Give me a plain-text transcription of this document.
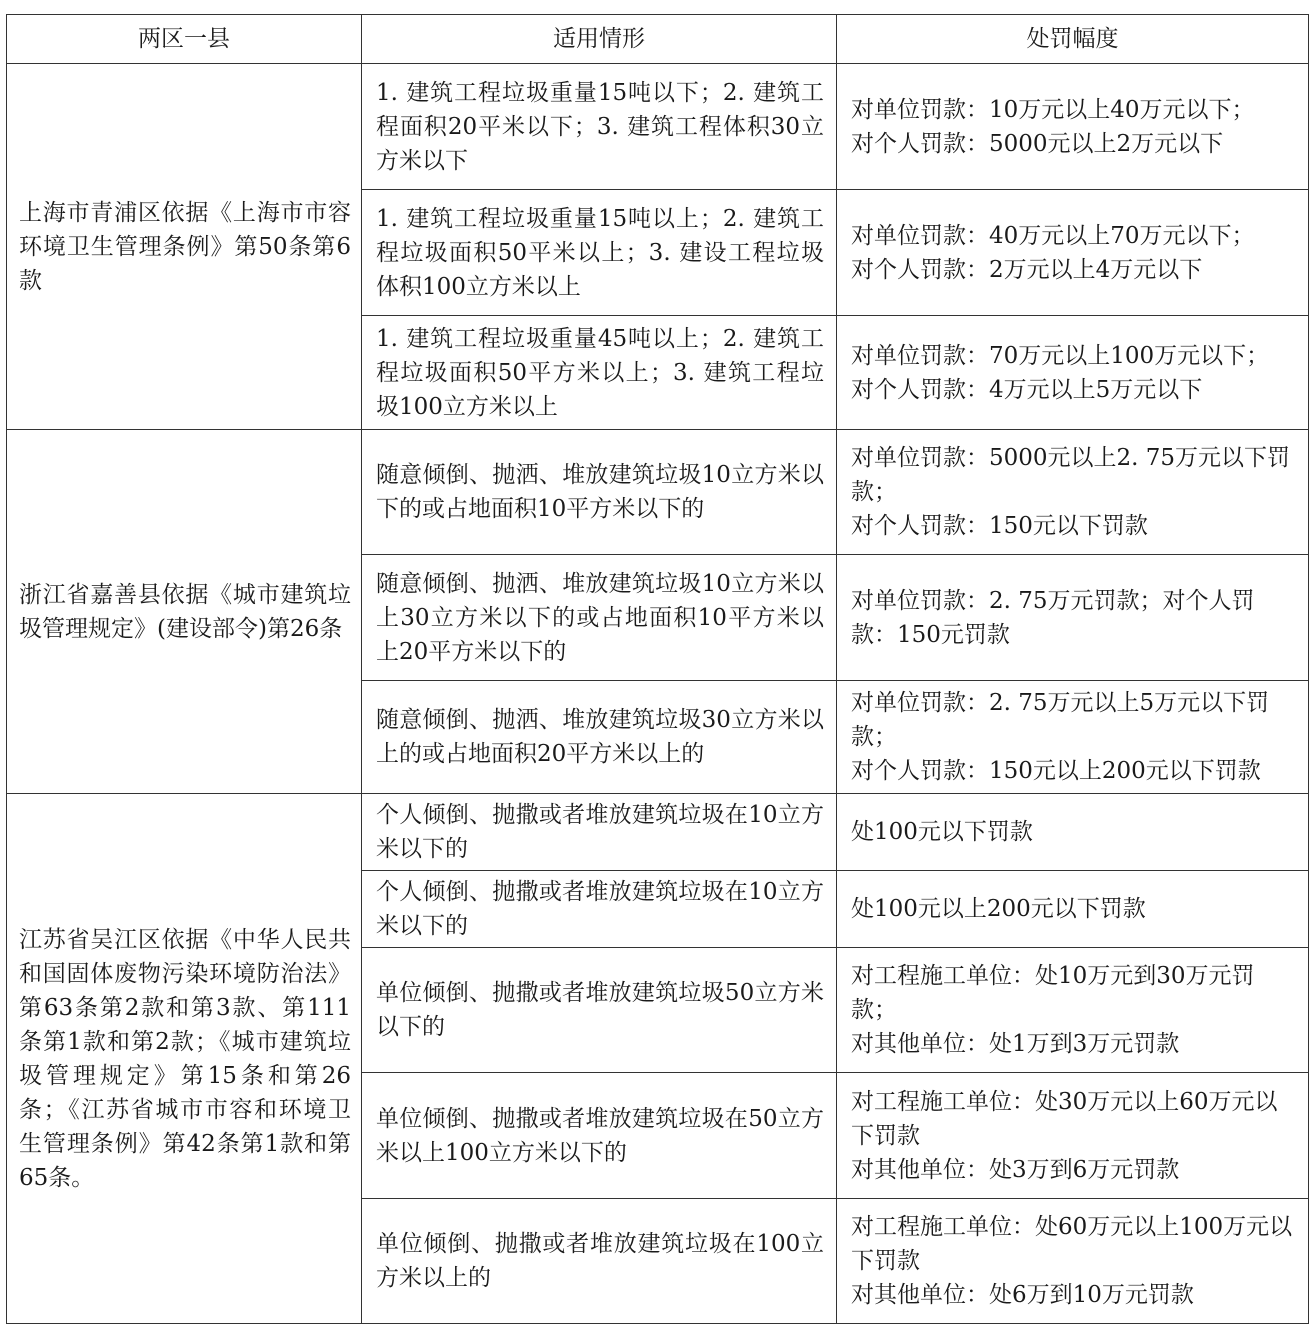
两区一县	适用情形	处罚幅度
上海市青浦区依据《上海市市容环境卫生管理条例》第50条第6款	1. 建筑工程垃圾重量15吨以下；2. 建筑工程面积20平米以下；3. 建筑工程体积30立方米以下	对单位罚款：10万元以上40万元以下；
对个人罚款：5000元以上2万元以下

	1. 建筑工程垃圾重量15吨以上；2. 建筑工程垃圾面积50平米以上；3. 建设工程垃圾体积100立方米以上	对单位罚款：40万元以上70万元以下；
对个人罚款：2万元以上4万元以下

	1. 建筑工程垃圾重量45吨以上；2. 建筑工程垃圾面积50平方米以上；3. 建筑工程垃圾100立方米以上	对单位罚款：70万元以上100万元以下；
对个人罚款：4万元以上5万元以下

浙江省嘉善县依据《城市建筑垃圾管理规定》(建设部令)第26条	随意倾倒、抛洒、堆放建筑垃圾10立方米以下的或占地面积10平方米以下的	对单位罚款：5000元以上2. 75万元以下罚款；
对个人罚款：150元以下罚款

	随意倾倒、抛洒、堆放建筑垃圾10立方米以上30立方米以下的或占地面积10平方米以上20平方米以下的	对单位罚款：2. 75万元罚款；对个人罚款：150元罚款

	随意倾倒、抛洒、堆放建筑垃圾30立方米以上的或占地面积20平方米以上的	对单位罚款：2. 75万元以上5万元以下罚款；
对个人罚款：150元以上200元以下罚款

江苏省吴江区依据《中华人民共和国固体废物污染环境防治法》第63条第2款和第3款、第111条第1款和第2款；《城市建筑垃圾管理规定》第15条和第26条；《江苏省城市市容和环境卫生管理条例》第42条第1款和第65条。	个人倾倒、抛撒或者堆放建筑垃圾在10立方米以下的	处100元以下罚款

	个人倾倒、抛撒或者堆放建筑垃圾在10立方米以下的	处100元以上200元以下罚款

	单位倾倒、抛撒或者堆放建筑垃圾50立方米以下的	对工程施工单位：处10万元到30万元罚款；
对其他单位：处1万到3万元罚款

	单位倾倒、抛撒或者堆放建筑垃圾在50立方米以上100立方米以下的	对工程施工单位：处30万元以上60万元以下罚款
对其他单位：处3万到6万元罚款

	单位倾倒、抛撒或者堆放建筑垃圾在100立方米以上的	对工程施工单位：处60万元以上100万元以下罚款
对其他单位：处6万到10万元罚款
